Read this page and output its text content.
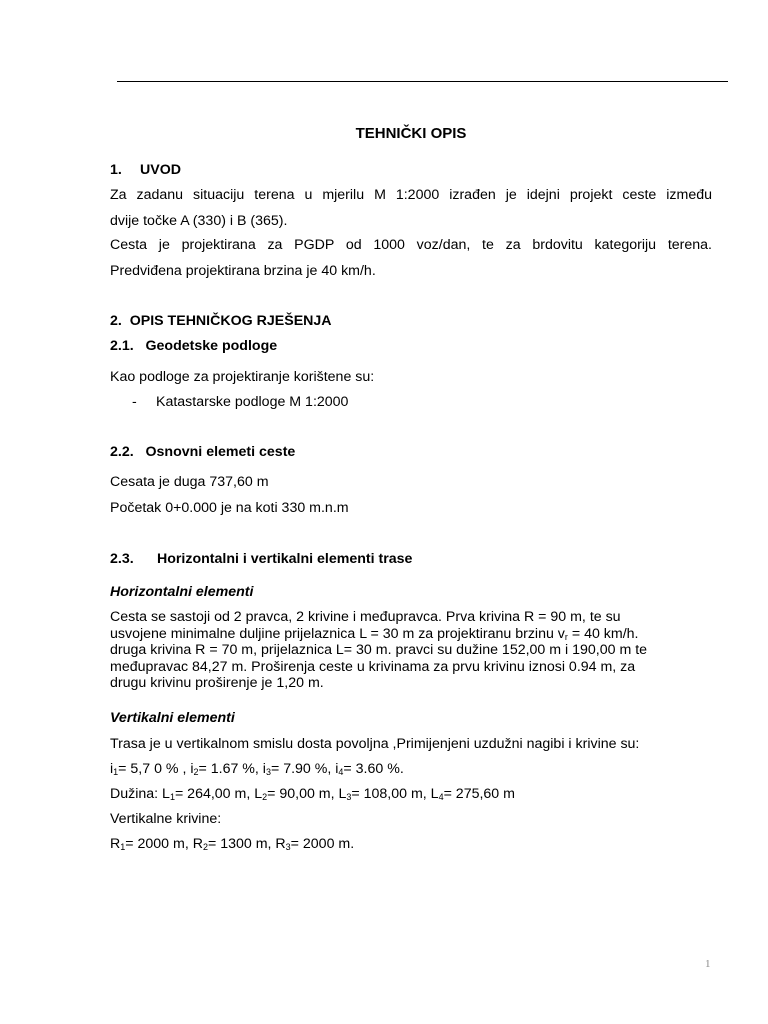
TEHNIČKI OPIS
1. UVOD
Za zadanu situaciju terena u mjerilu M 1:2000 izrađen je idejni projekt ceste između
dvije točke A (330) i B (365).
Cesta je projektirana za PGDP od 1000 voz/dan, te za brdovitu kategoriju terena.
Predviđena projektirana brzina je 40 km/h.
2.  OPIS TEHNIČKOG RJEŠENJA
2.1.   Geodetske podloge
Kao podloge za projektiranje korištene su:
- Katastarske podloge M 1:2000
2.2.   Osnovni elemeti ceste
Cesata je duga 737,60 m
Početak 0+0.000 je na koti 330 m.n.m
2.3. Horizontalni i vertikalni elementi trase
Horizontalni elementi
Cesta se sastoji od 2 pravca, 2 krivine i međupravca. Prva krivina R = 90 m, te su
usvojene minimalne duljine prijelaznica L = 30 m za projektiranu brzinu $v_r = 40$ km/h.
druga krivina R = 70 m, prijelaznica L= 30 m. pravci su dužine 152,00 m i 190,00 m te
međupravac 84,27 m. Proširenja ceste u krivinama za prvu krivinu iznosi 0.94 m, za
drugu krivinu proširenje je 1,20 m.
Vertikalni elementi
Trasa je u vertikalnom smislu dosta povoljna ,Primijenjeni uzdužni nagibi i krivine su:
$i_1= 5,7$ 0 % , $i_2= 1.67$ %, $i_3= 7.90$ %, $i_4= 3.60$ %.
Dužina: $L_1= 264,00$ m, $L_2= 90,00$ m, $L_3= 108,00$ m, $L_4= 275,60$ m
Vertikalne krivine:
$R_1= 2000$ m, $R_2= 1300$ m, $R_3= 2000$ m.
1
